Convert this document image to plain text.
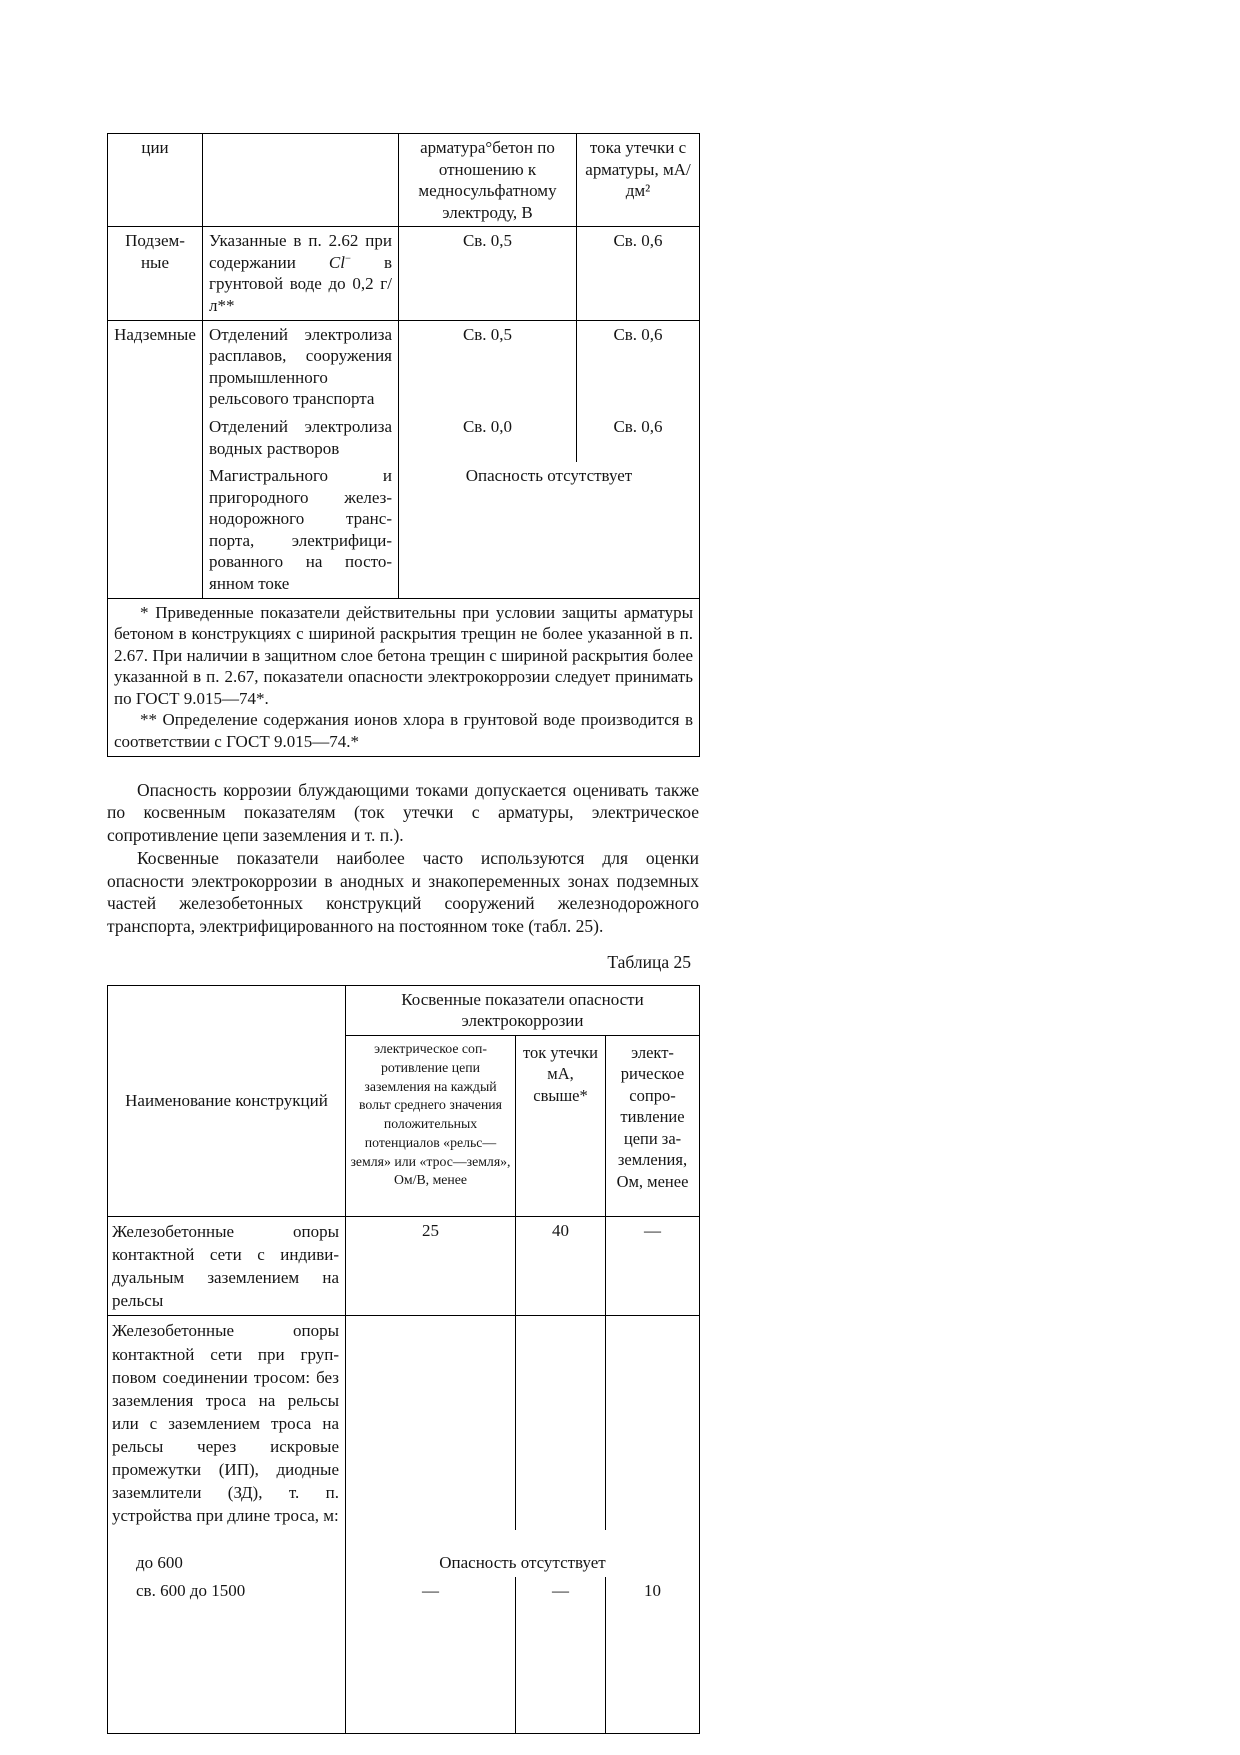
ции		арматура°бетон по отношению к медносульфатному электроду, В	тока утечки с арматуры, мА/дм²
Подземные	Указанные в п. 2.62 при содержании Cl− в грунтовой воде до 0,2 г/л**	Св. 0,5	Св. 0,6
Надземные	Отделений электролиза расплавов, сооружения промышленного рельсового транспорта	Св. 0,5	Св. 0,6
	Отделений электролиза водных растворов	Св. 0,0	Св. 0,6
	Магистрального и пригородного железнодорожного транспорта, электрифицированного на постоянном токе	Опасность отсутствует	

* Приведенные показатели действительны при условии защиты арматуры бетоном в конструкциях с шириной раскрытия трещин не более указанной в п. 2.67. При наличии в защитном слое бетона трещин с шириной раскрытия более указанной в п. 2.67, показатели опасности электрокоррозии следует принимать по ГОСТ 9.015—74*.

** Определение содержания ионов хлора в грунтовой воде производится в соответствии с ГОСТ 9.015—74.*			

Опасность коррозии блуждающими токами допускается оценивать также по косвенным показателям (ток утечки с арматуры, электрическое сопротивление цепи заземления и т. п.).

Косвенные показатели наиболее часто используются для оценки опасности электрокоррозии в анодных и знакопеременных зонах подземных частей железобетонных конструкций сооружений железнодорожного транспорта, электрифицированного на постоянном токе (табл. 25).

Таблица 25
Наименование конструкций	Косвенные показатели опасности электрокоррозии		
	электрическое сопротивление цепи заземления на каждый вольт среднего значения положительных потенциалов «рельс—земля» или «трос—земля», Ом/В, менее	ток утечки мА, свыше*	электрическое сопротивление цепи заземления, Ом, менее
Железобетонные опоры контактной сети с индивидуальным заземлением на рельсы	25	40	—
Железобетонные опоры контактной сети при групповом соединении тросом: без заземления троса на рельсы или с заземлением троса на рельсы через искровые промежутки (ИП), диодные заземлители (ЗД), т. п. устройства при длине троса, м:			
до 600	Опасность отсутствует		
св. 600 до 1500	—	—	10
